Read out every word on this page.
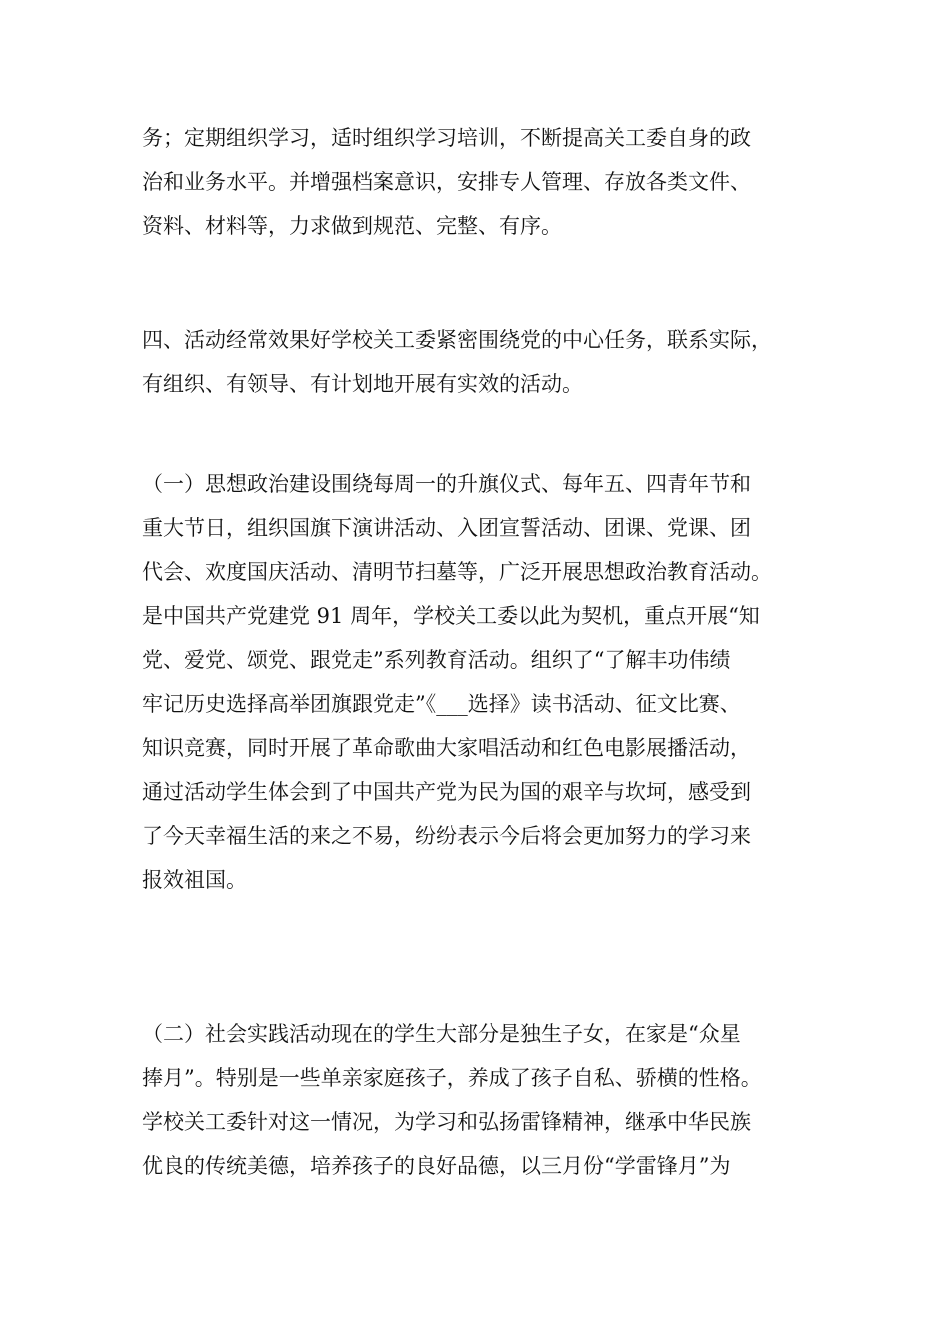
务；定期组织学习，适时组织学习培训，不断提高关工委自身的政
治和业务水平。并增强档案意识，安排专人管理、存放各类文件、
资料、材料等，力求做到规范、完整、有序。

四、活动经常效果好学校关工委紧密围绕党的中心任务，联系实际，
有组织、有领导、有计划地开展有实效的活动。

（一）思想政治建设围绕每周一的升旗仪式、每年五、四青年节和
重大节日，组织国旗下演讲活动、入团宣誓活动、团课、党课、团
代会、欢度国庆活动、清明节扫墓等，广泛开展思想政治教育活动。
是中国共产党建党 91 周年，学校关工委以此为契机，重点开展“知
党、爱党、颂党、跟党走”系列教育活动。组织了“了解丰功伟绩
牢记历史选择高举团旗跟党走”《___选择》读书活动、征文比赛、
知识竞赛，同时开展了革命歌曲大家唱活动和红色电影展播活动，
通过活动学生体会到了中国共产党为民为国的艰辛与坎坷，感受到
了今天幸福生活的来之不易，纷纷表示今后将会更加努力的学习来
报效祖国。

（二）社会实践活动现在的学生大部分是独生子女，在家是“众星
捧月”。特别是一些单亲家庭孩子，养成了孩子自私、骄横的性格。
学校关工委针对这一情况，为学习和弘扬雷锋精神，继承中华民族
优良的传统美德，培养孩子的良好品德，以三月份“学雷锋月”为
